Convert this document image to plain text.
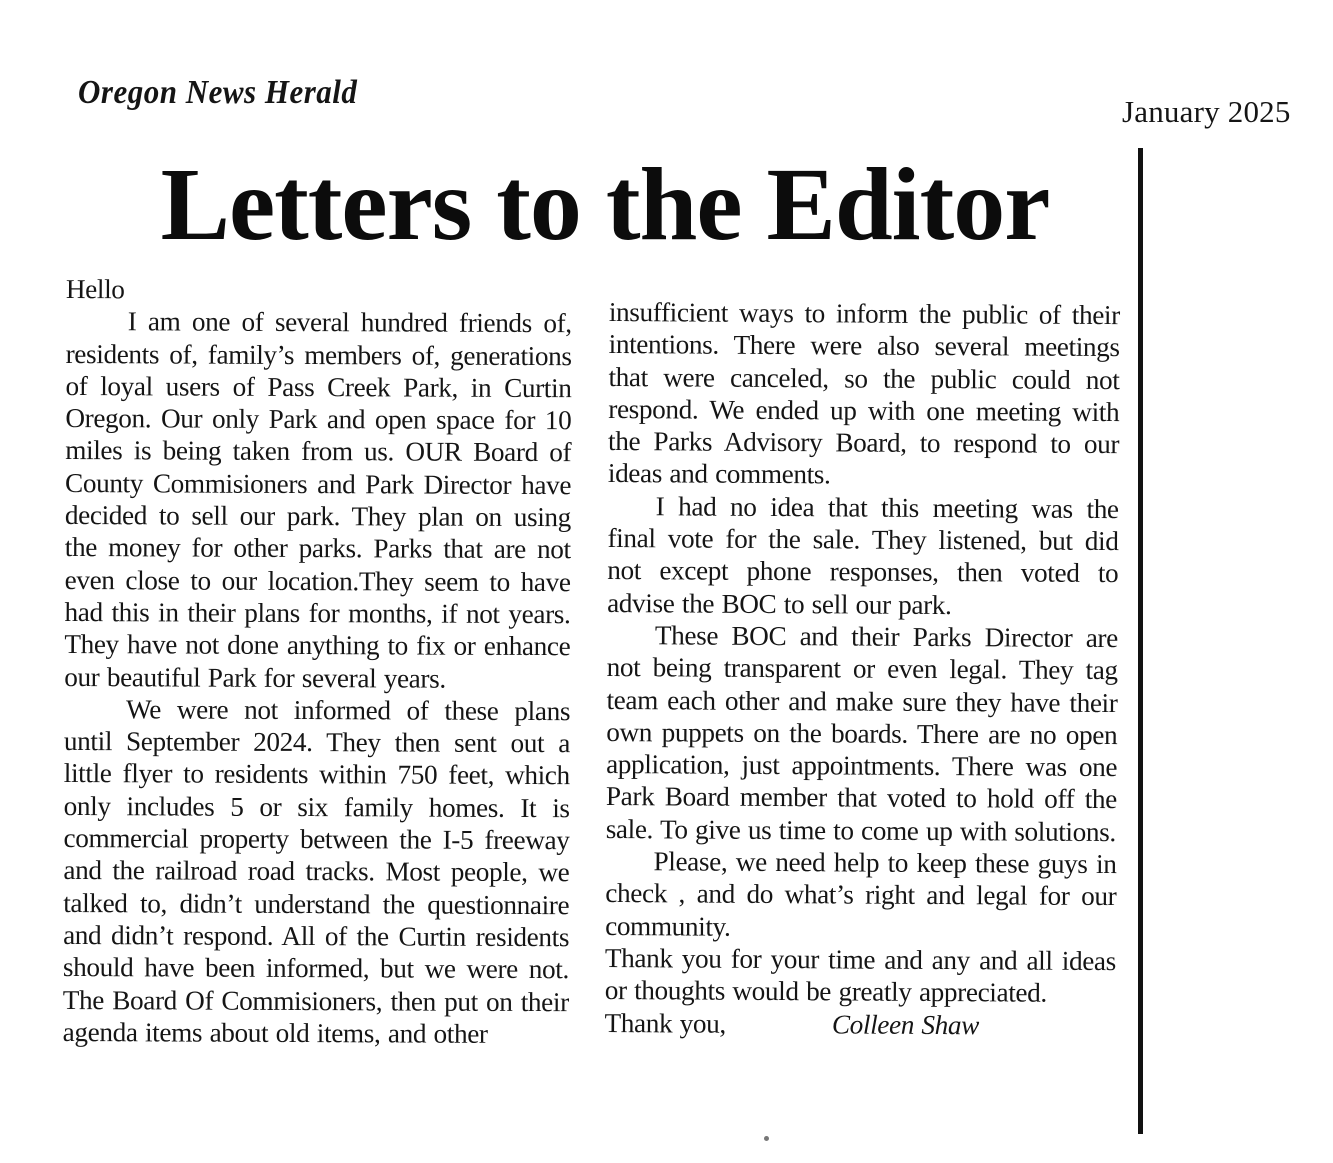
Oregon News Herald
January 2025
Letters to the Editor

Hello

I am one of several hundred friends of, residents of, family’s members of, generations of loyal users of Pass Creek Park, in Curtin Oregon. Our only Park and open space for 10 miles is being taken from us. OUR Board of County Commisioners and Park Director have decided to sell our park. They plan on using the money for other parks. Parks that are not even close to our location.They seem to have had this in their plans for months, if not years. They have not done anything to fix or enhance our beautiful Park for several years.

We were not informed of these plans until September 2024. They then sent out a little flyer to residents within 750 feet, which only includes 5 or six family homes. It is commercial property between the I-5 freeway and the railroad road tracks. Most people, we talked to, didn’t understand the questionnaire and didn’t respond. All of the Curtin residents should have been informed, but we were not. The Board Of Commisioners, then put on their agenda items about old items, and other

insufficient ways to inform the public of their intentions. There were also several meetings that were canceled, so the public could not respond. We ended up with one meeting with the Parks Advisory Board, to respond to our ideas and comments.

I had no idea that this meeting was the final vote for the sale. They listened, but did not except phone responses, then voted to advise the BOC to sell our park.

These BOC and their Parks Director are not being transparent or even legal. They tag team each other and make sure they have their own puppets on the boards. There are no open application, just appointments. There was one Park Board member that voted to hold off the sale. To give us time to come up with solutions.

Please, we need help to keep these guys in check , and do what’s right and legal for our community.

Thank you for your time and any and all ideas or thoughts would be greatly appreciated.

Thank you,	Colleen Shaw
